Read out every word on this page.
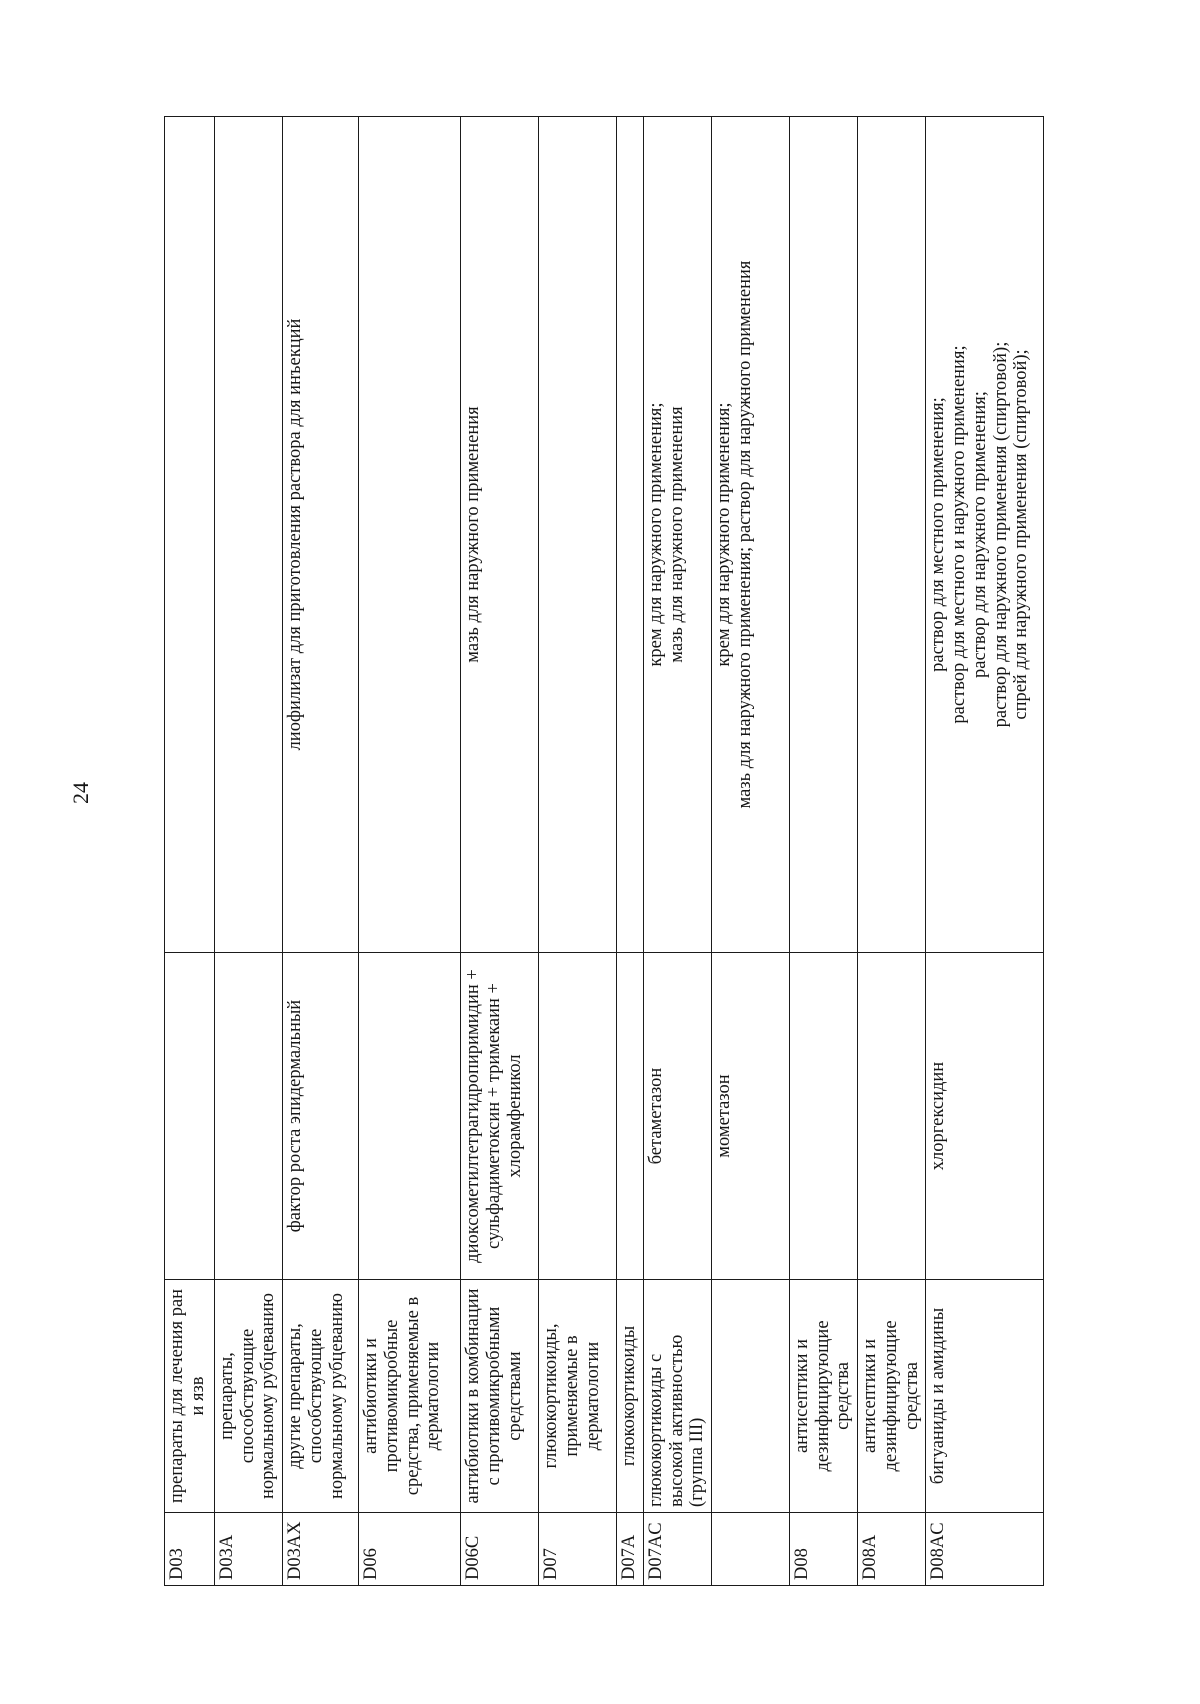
24
D03	препараты для лечения ран и язв		
D03A	препараты, способствующие нормальному рубцеванию		
D03AX	другие препараты, способствующие нормальному рубцеванию	фактор роста эпидермальный	лиофилизат для приготовления раствора для инъекций

D06	антибиотики и противомикробные средства, применяемые в дерматологии		
D06C	антибиотики в комбинации с противомикробными средствами	диоксометилтетрагидропиримидин + сульфадиметоксин + тримекаин + хлорамфеникол	мазь для наружного применения

D07	глюкокортикоиды, применяемые в дерматологии		
D07A	глюкокортикоиды		
D07AC	глюкокортикоиды с высокой активностью (группа III)	бетаметазон	крем для наружного применения; мазь для наружного применения

		мометазон	крем для наружного применения; мазь для наружного применения; раствор для наружного применения

D08	антисептики и дезинфицирующие средства		
D08A	антисептики и дезинфицирующие средства		
D08AC	бигуаниды и амидины	хлоргексидин	раствор для местного применения; раствор для местного и наружного применения; раствор для наружного применения; раствор для наружного применения (спиртовой); спрей для наружного применения (спиртовой);
